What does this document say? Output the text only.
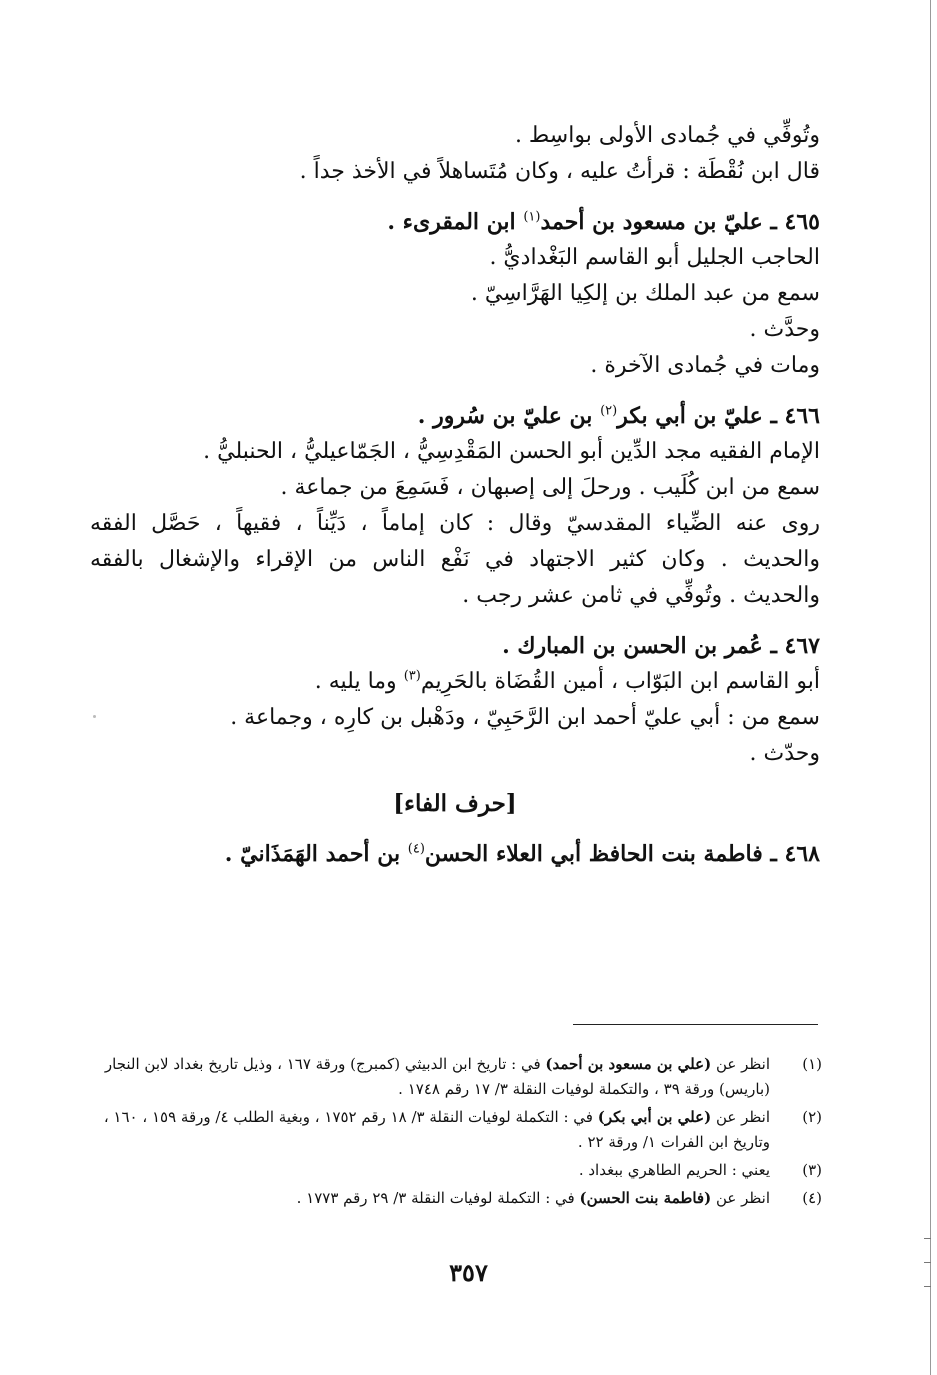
وتُوفِّي في جُمادى الأولى بواسِط .

قال ابن نُقْطَة : قرأتُ عليه ، وكان مُتَساهلاً في الأخذ جداً .

٤٦٥ ـ عليّ بن مسعود بن أحمد$^{(١)}$ ابن المقرىء .

الحاجب الجليل أبو القاسم البَغْداديُّ .

سمع من عبد الملك بن إلكِيا الهَرَّاسِيّ .

وحدَّث .

ومات في جُمادى الآخرة .

٤٦٦ ـ عليّ بن أبي بكر$^{(٢)}$ بن عليّ بن سُرور .

الإمام الفقيه مجد الدِّين أبو الحسن المَقْدِسِيُّ ، الجَمّاعيليُّ ، الحنبليُّ .

سمع من ابن كُلَيب . ورحلَ إلى إصبهان ، فَسَمِعَ من جماعة .

روى عنه الضِّياء المقدسيّ وقال : كان إماماً ، دَيِّناً ، فقيهاً ، حَصَّل الفقه

والحديث . وكان كثير الاجتهاد في نَفْع الناس من الإقراء والإشغال بالفقه

والحديث . وتُوفِّي في ثامن عشر رجب .

٤٦٧ ـ عُمر بن الحسن بن المبارك .

أبو القاسم ابن البَوّاب ، أمين القُضَاة بالحَرِيم$^{(٣)}$ وما يليه .

سمع من : أبي عليّ أحمد ابن الرَّحَبِيّ ، ودَهْبل بن كارِه ، وجماعة .

وحدّث .

[حرف الفاء]

٤٦٨ ـ فاطمة بنت الحافظ أبي العلاء الحسن$^{(٤)}$ بن أحمد الهَمَذَانيّ .

(١)
انظر عن (علي بن مسعود بن أحمد) في : تاريخ ابن الدبيثي (كمبرج) ورقة ١٦٧ ، وذيل تاريخ بغداد لابن النجار (باريس) ورقة ٣٩ ، والتكملة لوفيات النقلة ٣/ ١٧ رقم ١٧٤٨ .
(٢)
انظر عن (علي بن أبي بكر) في : التكملة لوفيات النقلة ٣/ ١٨ رقم ١٧٥٢ ، وبغية الطلب ٤/ ورقة ١٥٩ ، ١٦٠ ، وتاريخ ابن الفرات ١/ ورقة ٢٢ .
(٣)
يعني : الحريم الطاهري ببغداد .
(٤)
انظر عن (فاطمة بنت الحسن) في : التكملة لوفيات النقلة ٣/ ٢٩ رقم ١٧٧٣ .
٣٥٧
